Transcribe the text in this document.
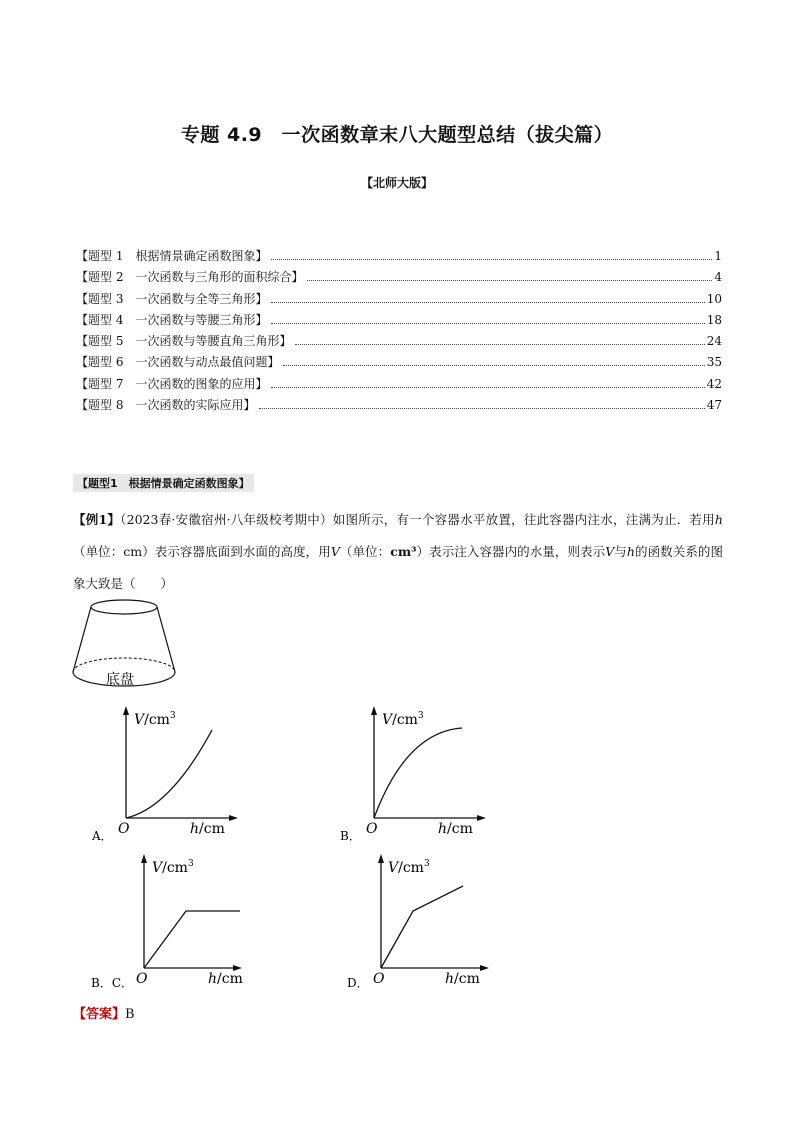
专题 4.9　一次函数章末八大题型总结（拔尖篇）
【北师大版】
【题型 1　根据情景确定函数图象】	1
【题型 2　一次函数与三角形的面积综合】	4
【题型 3　一次函数与全等三角形】	10
【题型 4　一次函数与等腰三角形】	18
【题型 5　一次函数与等腰直角三角形】	24
【题型 6　一次函数与动点最值问题】	35
【题型 7　一次函数的图象的应用】	42
【题型 8　一次函数的实际应用】	47
【题型1　根据情景确定函数图象】
【例1】（2023春·安徽宿州·八年级校考期中）如图所示，有一个容器水平放置，往此容器内注水，注满为止．若用h（单位：cm）表示容器底面到水面的高度，用V（单位：cm³）表示注入容器内的水量，则表示V与h的函数关系的图象大致是（　　）
底盘
$V/cm^3$
O	h/cm
A．
$V/cm^3$
O	h/cm
B．
$V/cm^3$
O	h/cm
B．C．
$V/cm^3$
O	h/cm
D．
【答案】B
